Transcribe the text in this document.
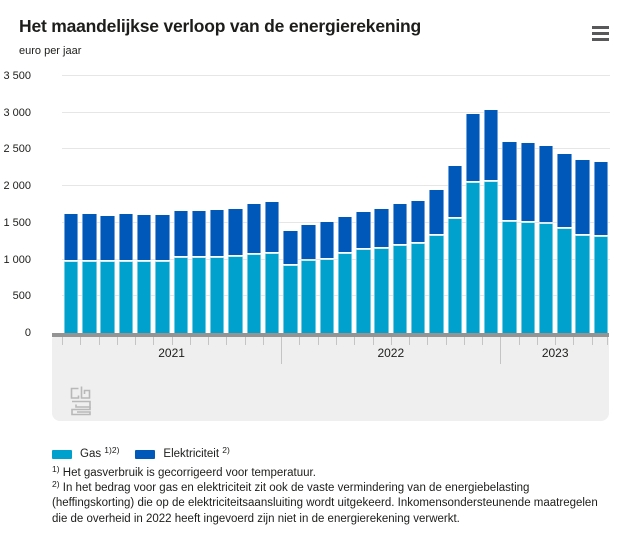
Het maandelijkse verloop van de energierekening
euro per jaar
0
500
1 000
1 500
2 000
2 500
3 000
3 500
2021	2022	2023
Gas $^{1)2)}$	Elektriciteit $^{2)}$

$^{1)}$ Het gasverbruik is gecorrigeerd voor temperatuur.

$^{2)}$ In het bedrag voor gas en elektriciteit zit ook de vaste vermindering van de energiebelasting (heffingskorting) die op de elektriciteitsaansluiting wordt uitgekeerd. Inkomensondersteunende maatregelen die de overheid in 2022 heeft ingevoerd zijn niet in de energierekening verwerkt.
